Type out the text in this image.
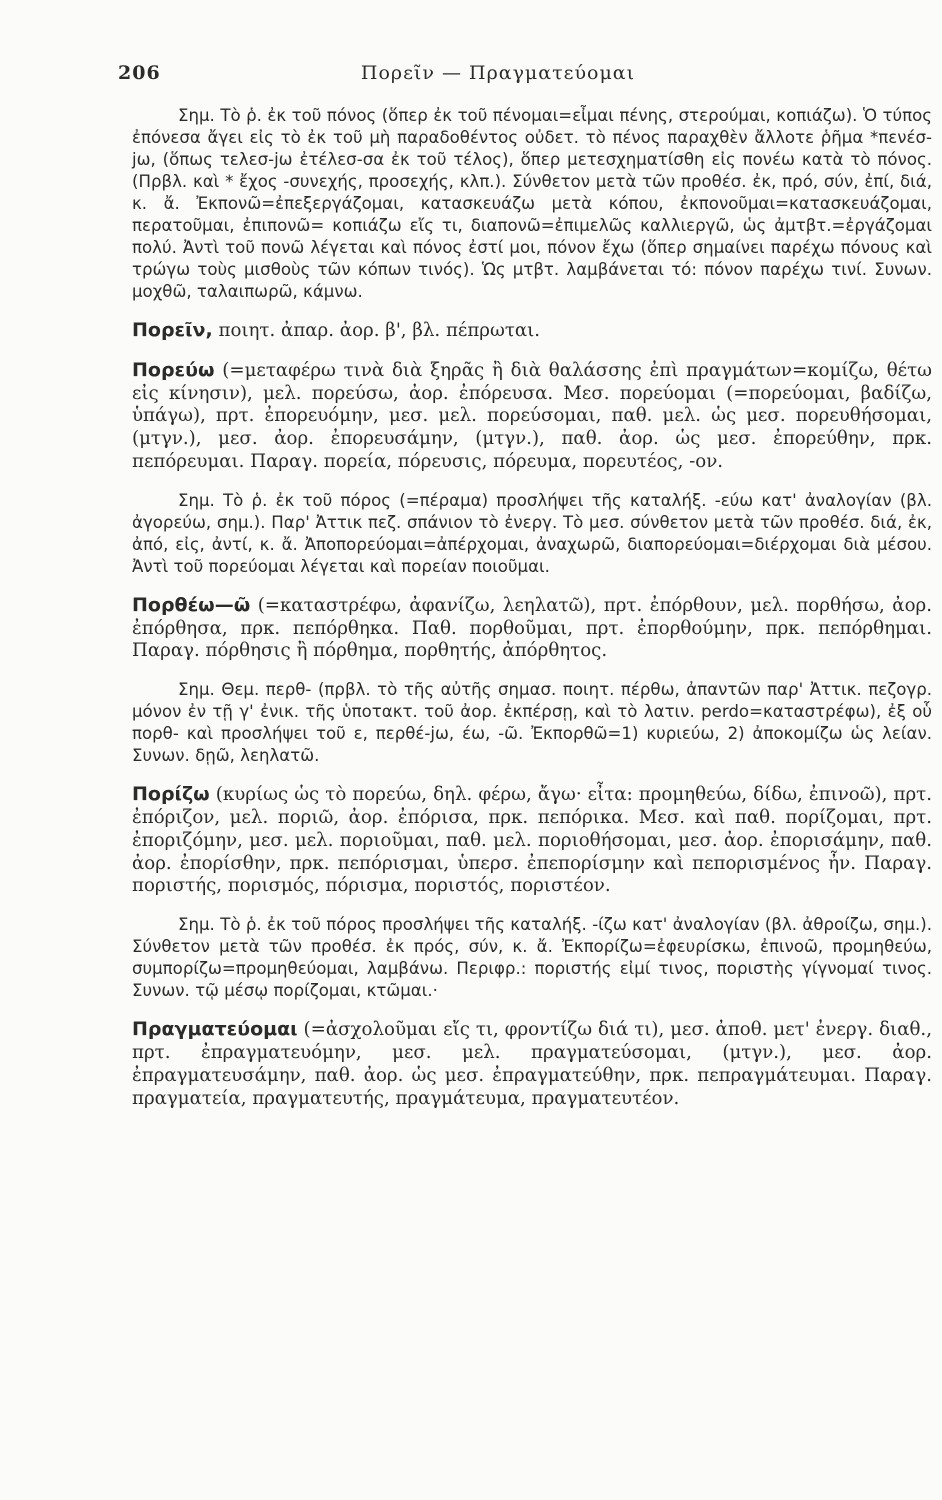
206	Πορεῖν — Πραγματεύομαι

Σημ. Τὸ ῥ. ἐκ τοῦ πόνος (ὅπερ ἐκ τοῦ πένομαι=εἶμαι πένης, στερούμαι, κοπιάζω). Ὁ τύπος ἐπόνεσα ἄγει εἰς τὸ ἐκ τοῦ μὴ παραδοθέντος οὐδετ. τὸ πένος παραχθὲν ἄλλοτε ῥῆμα *πενέσ-jω, (ὅπως τελεσ-jω ἐτέλεσ-σα ἐκ τοῦ τέλος), ὅπερ μετεσχηματίσθη εἰς πονέω κατὰ τὸ πόνος. (Πρβλ. καὶ * ἔχος -συνεχής, προσεχής, κλπ.). Σύνθετον μετὰ τῶν προθέσ. ἐκ, πρό, σύν, ἐπί, διά, κ. ἄ. Ἐκπονῶ=ἐπεξεργάζομαι, κατασκευάζω μετὰ κόπου, ἐκπονοῦμαι=κατασκευάζομαι, περατοῦμαι, ἐπιπονῶ= κοπιάζω εἴς τι, διαπονῶ=ἐπιμελῶς καλλιεργῶ, ὡς ἀμτβτ.=ἐργάζομαι πολύ. Ἀντὶ τοῦ πονῶ λέγεται καὶ πόνος ἐστί μοι, πόνον ἔχω (ὅπερ σημαίνει παρέχω πόνους καὶ τρώγω τοὺς μισθοὺς τῶν κόπων τινός). Ὡς μτβτ. λαμβάνεται τό: πόνον παρέχω τινί. Συνων. μοχθῶ, ταλαιπωρῶ, κάμνω.

Πορεῖν, ποιητ. ἀπαρ. ἀορ. β', βλ. πέπρωται.

Πορεύω (=μεταφέρω τινὰ διὰ ξηρᾶς ἢ διὰ θαλάσσης ἐπὶ πραγμάτων=κομίζω, θέτω εἰς κίνησιν), μελ. πορεύσω, ἀορ. ἐπόρευσα. Μεσ. πορεύομαι (=πορεύομαι, βαδίζω, ὑπάγω), πρτ. ἐπορευόμην, μεσ. μελ. πορεύσομαι, παθ. μελ. ὡς μεσ. πορευθήσομαι, (μτγν.), μεσ. ἀορ. ἐπορευσάμην, (μτγν.), παθ. ἀορ. ὡς μεσ. ἐπορεύθην, πρκ. πεπόρευμαι. Παραγ. πορεία, πόρευσις, πόρευμα, πορευτέος, -ον.

Σημ. Τὸ ῥ. ἐκ τοῦ πόρος (=πέραμα) προσλήψει τῆς καταλήξ. -εύω κατ' ἀναλογίαν (βλ. ἀγορεύω, σημ.). Παρ' Ἀττικ πεζ. σπάνιον τὸ ἐνεργ. Τὸ μεσ. σύνθετον μετὰ τῶν προθέσ. διά, ἐκ, ἀπό, εἰς, ἀντί, κ. ἄ. Ἀποπορεύομαι=ἀπέρχομαι, ἀναχωρῶ, διαπορεύομαι=διέρχομαι διὰ μέσου. Ἀντὶ τοῦ πορεύομαι λέγεται καὶ πορείαν ποιοῦμαι.

Πορθέω—ῶ (=καταστρέφω, ἀφανίζω, λεηλατῶ), πρτ. ἐπόρθουν, μελ. πορθήσω, ἀορ. ἐπόρθησα, πρκ. πεπόρθηκα. Παθ. πορθοῦμαι, πρτ. ἐπορθούμην, πρκ. πεπόρθημαι. Παραγ. πόρθησις ἢ πόρθημα, πορθητής, ἀπόρθητος.

Σημ. Θεμ. περθ- (πρβλ. τὸ τῆς αὐτῆς σημασ. ποιητ. πέρθω, ἀπαντῶν παρ' Ἀττικ. πεζογρ. μόνον ἐν τῇ γ' ἐνικ. τῆς ὑποτακτ. τοῦ ἀορ. ἐκπέρσῃ, καὶ τὸ λατιν. perdo=καταστρέφω), ἐξ οὗ πορθ- καὶ προσλήψει τοῦ ε, περθέ-jω, έω, -ῶ. Ἐκπορθῶ=1) κυριεύω, 2) ἀποκομίζω ὡς λείαν. Συνων. δῃῶ, λεηλατῶ.

Πορίζω (κυρίως ὡς τὸ πορεύω, δηλ. φέρω, ἄγω· εἶτα: προμηθεύω, δίδω, ἐπινοῶ), πρτ. ἐπόριζον, μελ. ποριῶ, ἀορ. ἐπόρισα, πρκ. πεπόρικα. Μεσ. καὶ παθ. πορίζομαι, πρτ. ἐποριζόμην, μεσ. μελ. ποριοῦμαι, παθ. μελ. ποριοθήσομαι, μεσ. ἀορ. ἐπορισάμην, παθ. ἀορ. ἐπορίσθην, πρκ. πεπόρισμαι, ὑπερσ. ἐπεπορίσμην καὶ πεπορισμένος ἦν. Παραγ. ποριστής, πορισμός, πόρισμα, ποριστός, ποριστέον.

Σημ. Τὸ ῥ. ἐκ τοῦ πόρος προσλήψει τῆς καταλήξ. -ίζω κατ' ἀναλογίαν (βλ. ἀθροίζω, σημ.). Σύνθετον μετὰ τῶν προθέσ. ἐκ πρός, σύν, κ. ἄ. Ἐκπορίζω=ἐφευρίσκω, ἐπινοῶ, προμηθεύω, συμπορίζω=προμηθεύομαι, λαμβάνω. Περιφρ.: ποριστής εἰμί τινος, ποριστὴς γίγνομαί τινος. Συνων. τῷ μέσῳ πορίζομαι, κτῶμαι.·

Πραγματεύομαι (=ἀσχολοῦμαι εἴς τι, φροντίζω διά τι), μεσ. ἀποθ. μετ' ἐνεργ. διαθ., πρτ. ἐπραγματευόμην, μεσ. μελ. πραγματεύσομαι, (μτγν.), μεσ. ἀορ. ἐπραγματευσάμην, παθ. ἀορ. ὡς μεσ. ἐπραγματεύθην, πρκ. πεπραγμάτευμαι. Παραγ. πραγματεία, πραγματευτής, πραγμάτευμα, πραγματευτέον.
